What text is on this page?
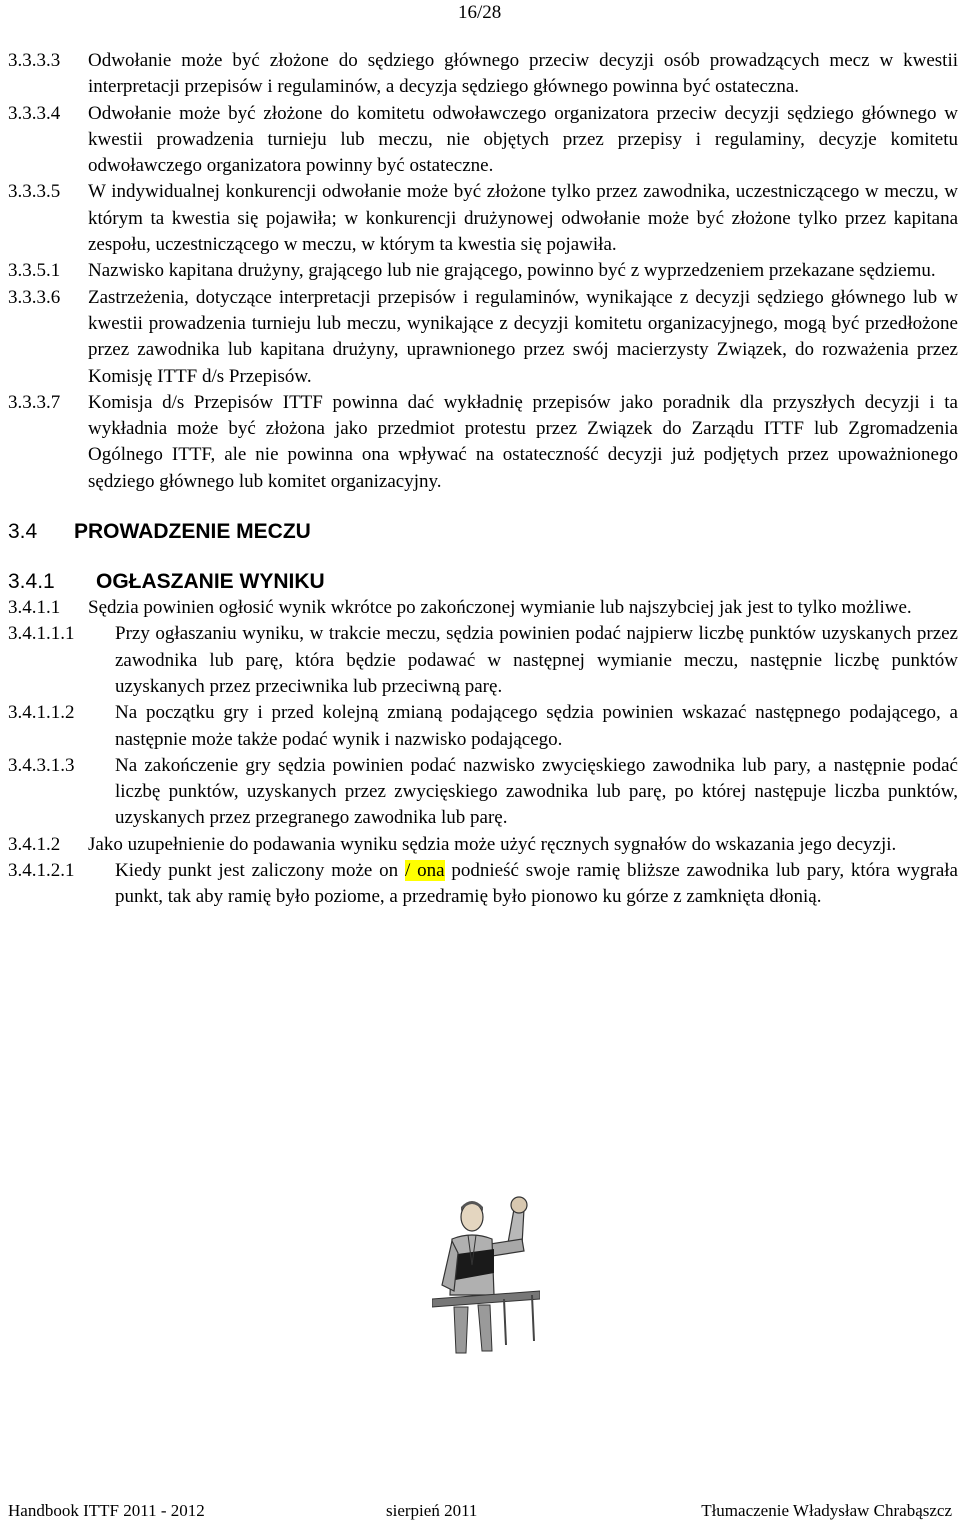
16/28
3.3.3.3	Odwołanie może być złożone do sędziego głównego przeciw decyzji osób prowadzących mecz w kwestii interpretacji przepisów i regulaminów, a decyzja sędziego głównego powinna być ostateczna.
3.3.3.4	Odwołanie może być złożone do komitetu odwoławczego organizatora przeciw decyzji sędziego głównego w kwestii prowadzenia turnieju lub meczu, nie objętych przez przepisy i regulaminy, decyzje komitetu odwoławczego organizatora powinny być ostateczne.
3.3.3.5	W indywidualnej konkurencji odwołanie może być złożone tylko przez zawodnika, uczestniczącego w meczu, w którym ta kwestia się pojawiła; w konkurencji drużynowej odwołanie może być złożone tylko przez kapitana zespołu, uczestniczącego w meczu, w którym ta kwestia się pojawiła.
3.3.5.1	Nazwisko kapitana drużyny, grającego lub nie grającego, powinno być z wyprzedzeniem przekazane sędziemu.
3.3.3.6	Zastrzeżenia, dotyczące interpretacji przepisów i regulaminów, wynikające z decyzji sędziego głównego lub w kwestii prowadzenia turnieju lub meczu, wynikające z decyzji komitetu organizacyjnego, mogą być przedłożone przez zawodnika lub kapitana drużyny, uprawnionego przez swój macierzysty Związek, do rozważenia przez Komisję ITTF d/s Przepisów.
3.3.3.7	Komisja d/s Przepisów ITTF powinna dać wykładnię przepisów jako poradnik dla przyszłych decyzji i ta wykładnia może być złożona jako przedmiot protestu przez Związek do Zarządu ITTF lub Zgromadzenia Ogólnego ITTF, ale nie powinna ona wpływać na ostateczność decyzji już podjętych przez upoważnionego sędziego głównego lub komitet organizacyjny.
3.4	PROWADZENIE MECZU
3.4.1	OGŁASZANIE WYNIKU
3.4.1.1	Sędzia powinien ogłosić wynik wkrótce po zakończonej wymianie lub najszybciej jak jest to tylko możliwe.
3.4.1.1.1	Przy ogłaszaniu wyniku, w trakcie meczu, sędzia powinien podać najpierw liczbę punktów uzyskanych przez zawodnika lub parę, która będzie podawać w następnej wymianie meczu, następnie liczbę punktów uzyskanych przez przeciwnika lub przeciwną parę.
3.4.1.1.2	Na początku gry i przed kolejną zmianą podającego sędzia powinien wskazać następnego podającego, a następnie może także podać wynik i nazwisko podającego.
3.4.3.1.3	Na zakończenie gry sędzia powinien podać nazwisko zwycięskiego zawodnika lub pary, a następnie podać liczbę punktów, uzyskanych przez zwycięskiego zawodnika lub parę, po której następuje liczba punktów, uzyskanych przez przegranego zawodnika lub parę.
3.4.1.2	Jako uzupełnienie do podawania wyniku sędzia może użyć ręcznych sygnałów do wskazania jego decyzji.
3.4.1.2.1	Kiedy punkt jest zaliczony może on / ona podnieść swoje ramię bliższe zawodnika lub pary, która wygrała punkt, tak aby ramię było poziome, a przedramię było pionowo ku górze z zamknięta dłonią.
Handbook ITTF 2011 - 2012	sierpień 2011	Tłumaczenie Władysław Chrabąszcz
